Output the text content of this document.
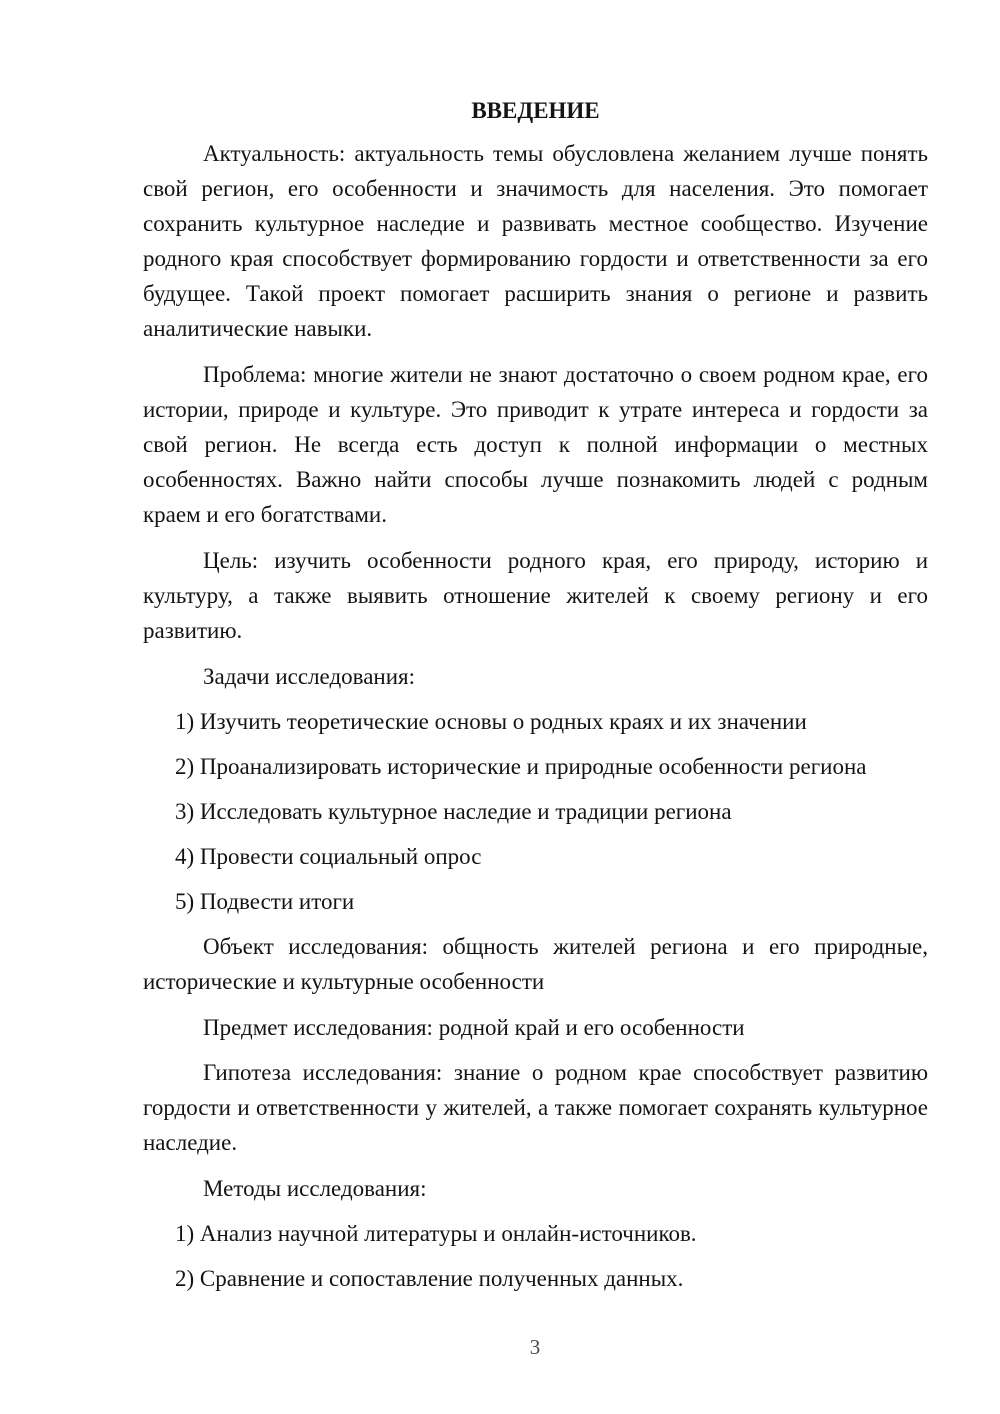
ВВЕДЕНИЕ

Актуальность: актуальность темы обусловлена желанием лучше понять свой регион, его особенности и значимость для населения. Это помогает сохранить культурное наследие и развивать местное сообщество. Изучение родного края способствует формированию гордости и ответственности за его будущее. Такой проект помогает расширить знания о регионе и развить аналитические навыки.

Проблема: многие жители не знают достаточно о своем родном крае, его истории, природе и культуре. Это приводит к утрате интереса и гордости за свой регион. Не всегда есть доступ к полной информации о местных особенностях. Важно найти способы лучше познакомить людей с родным краем и его богатствами.

Цель: изучить особенности родного края, его природу, историю и культуру, а также выявить отношение жителей к своему региону и его развитию.

Задачи исследования:

1) Изучить теоретические основы о родных краях и их значении

2) Проанализировать исторические и природные особенности региона

3) Исследовать культурное наследие и традиции региона

4) Провести социальный опрос

5) Подвести итоги

Объект исследования: общность жителей региона и его природные, исторические и культурные особенности

Предмет исследования: родной край и его особенности

Гипотеза исследования: знание о родном крае способствует развитию гордости и ответственности у жителей, а также помогает сохранять культурное наследие.

Методы исследования:

1) Анализ научной литературы и онлайн-источников.

2) Сравнение и сопоставление полученных данных.

3
